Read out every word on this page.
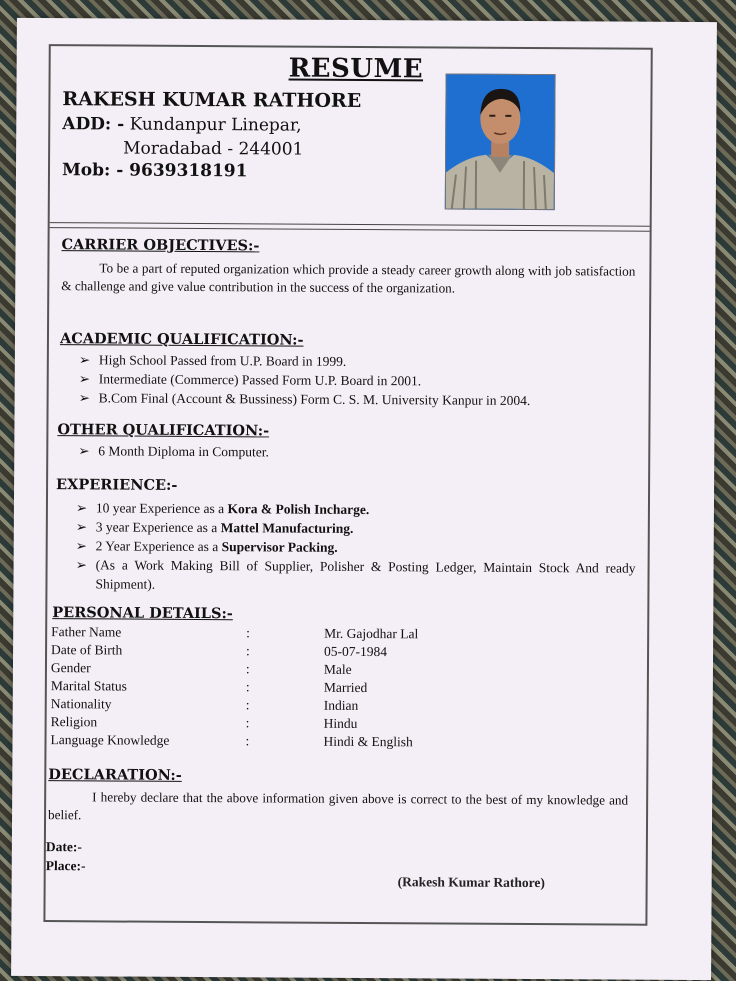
RESUME
RAKESH KUMAR RATHORE
ADD: - Kundanpur Linepar,
Moradabad - 244001
Mob: - 9639318191
CARRIER OBJECTIVES:-
To be a part of reputed organization which provide a steady career growth along with job satisfaction & challenge and give value contribution in the success of the organization.
ACADEMIC QUALIFICATION:-
➢ High School Passed from U.P. Board in 1999.
➢ Intermediate (Commerce) Passed Form U.P. Board in 2001.
➢ B.Com Final (Account & Bussiness) Form C. S. M. University Kanpur in 2004.
OTHER QUALIFICATION:-
➢ 6 Month Diploma in Computer.
EXPERIENCE:-
➢ 10 year Experience as a Kora & Polish Incharge.
➢ 3 year Experience as a Mattel Manufacturing.
➢ 2 Year Experience as a Supervisor Packing.
➢ (As a Work Making Bill of Supplier, Polisher & Posting Ledger, Maintain Stock And ready Shipment).
PERSONAL DETAILS:-
Father Name	:	Mr. Gajodhar Lal
Date of Birth	:	05-07-1984
Gender	:	Male
Marital Status	:	Married
Nationality	:	Indian
Religion	:	Hindu
Language Knowledge	:	Hindi & English
DECLARATION:-
I hereby declare that the above information given above is correct to the best of my knowledge and belief.
Date:-
Place:-
(Rakesh Kumar Rathore)
